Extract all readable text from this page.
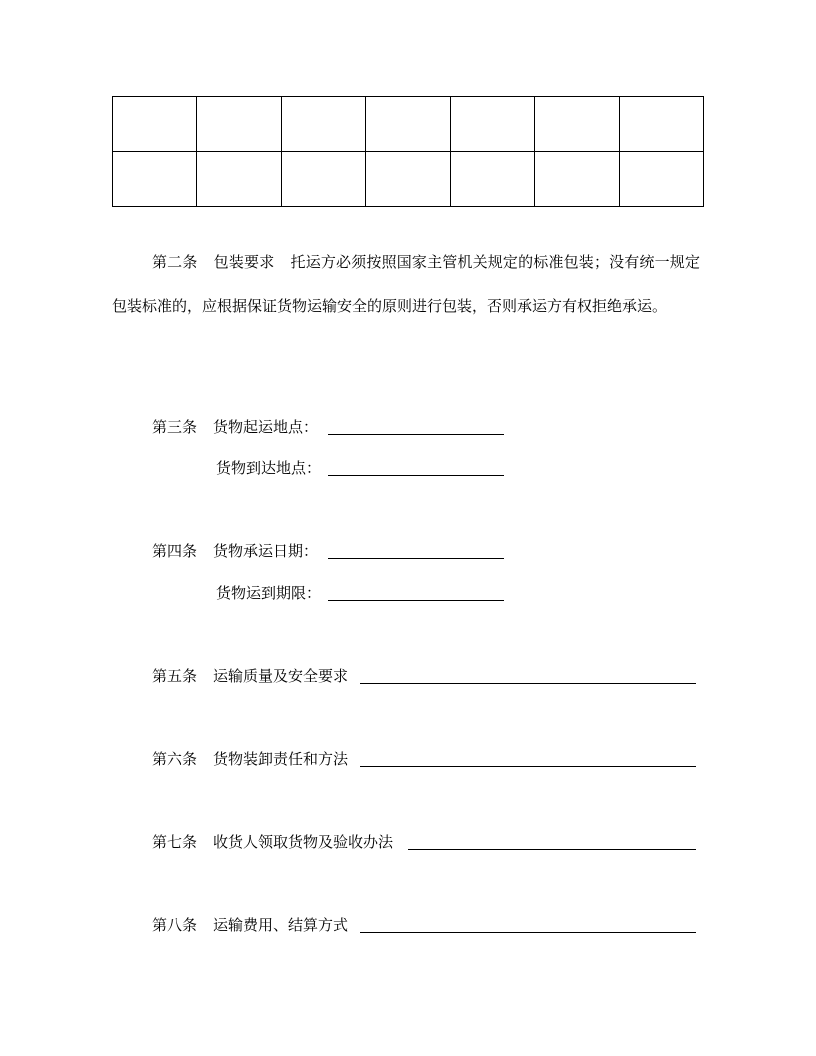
第二条 包装要求 托运方必须按照国家主管机关规定的标准包装；没有统一规定包装标准的，应根据保证货物运输安全的原则进行包装，否则承运方有权拒绝承运。
第三条 货物起运地点：
货物到达地点：
第四条 货物承运日期：
货物运到期限：
第五条 运输质量及安全要求
第六条 货物装卸责任和方法
第七条 收货人领取货物及验收办法
第八条 运输费用、结算方式
